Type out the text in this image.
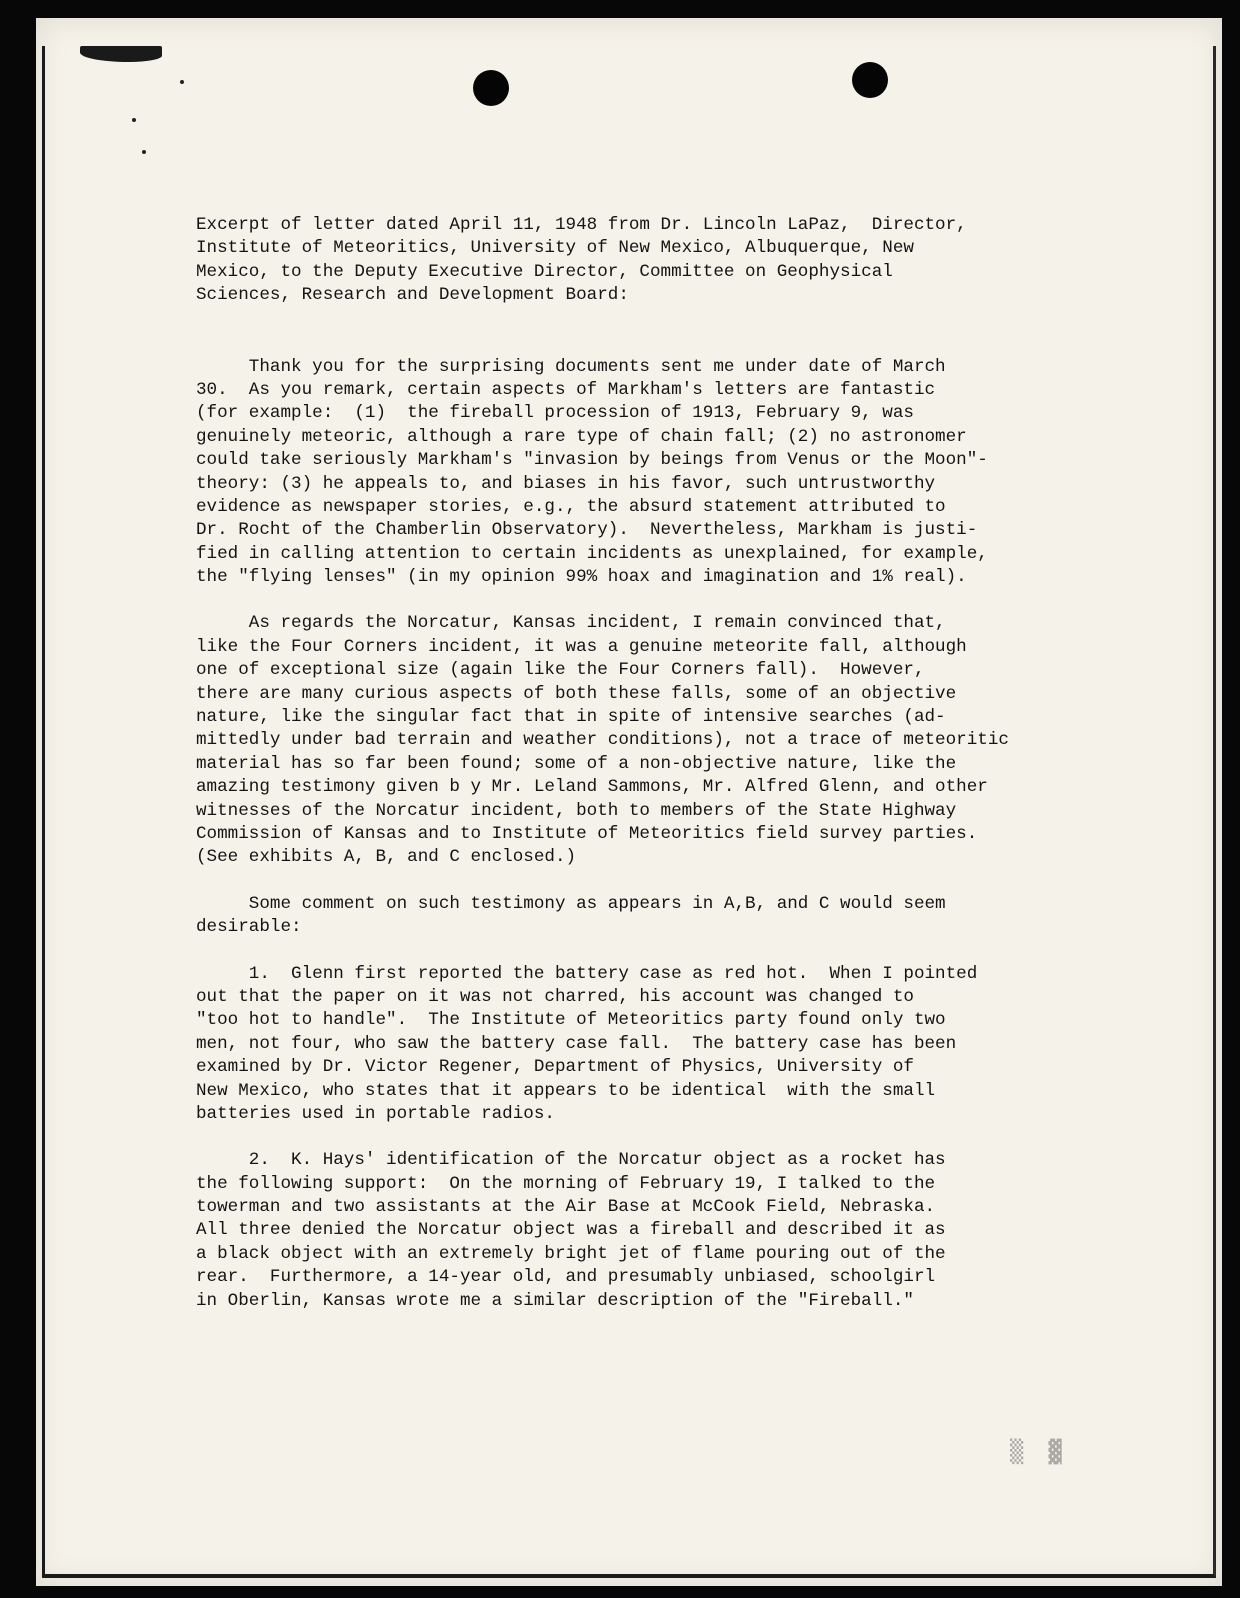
▒ ▓
Excerpt of letter dated April 11, 1948 from Dr. Lincoln LaPaz,  Director,
Institute of Meteoritics, University of New Mexico, Albuquerque, New
Mexico, to the Deputy Executive Director, Committee on Geophysical
Sciences, Research and Development Board:
Thank you for the surprising documents sent me under date of March
30.  As you remark, certain aspects of Markham's letters are fantastic
(for example:  (1)  the fireball procession of 1913, February 9, was
genuinely meteoric, although a rare type of chain fall; (2) no astronomer
could take seriously Markham's "invasion by beings from Venus or the Moon"-
theory: (3) he appeals to, and biases in his favor, such untrustworthy
evidence as newspaper stories, e.g., the absurd statement attributed to
Dr. Rocht of the Chamberlin Observatory).  Nevertheless, Markham is justi-
fied in calling attention to certain incidents as unexplained, for example,
the "flying lenses" (in my opinion 99% hoax and imagination and 1% real).
As regards the Norcatur, Kansas incident, I remain convinced that,
like the Four Corners incident, it was a genuine meteorite fall, although
one of exceptional size (again like the Four Corners fall).  However,
there are many curious aspects of both these falls, some of an objective
nature, like the singular fact that in spite of intensive searches (ad-
mittedly under bad terrain and weather conditions), not a trace of meteoritic
material has so far been found; some of a non-objective nature, like the
amazing testimony given b y Mr. Leland Sammons, Mr. Alfred Glenn, and other
witnesses of the Norcatur incident, both to members of the State Highway
Commission of Kansas and to Institute of Meteoritics field survey parties.
(See exhibits A, B, and C enclosed.)
Some comment on such testimony as appears in A,B, and C would seem
desirable:
1.  Glenn first reported the battery case as red hot.  When I pointed
out that the paper on it was not charred, his account was changed to
"too hot to handle".  The Institute of Meteoritics party found only two
men, not four, who saw the battery case fall.  The battery case has been
examined by Dr. Victor Regener, Department of Physics, University of
New Mexico, who states that it appears to be identical  with the small
batteries used in portable radios.
2.  K. Hays' identification of the Norcatur object as a rocket has
the following support:  On the morning of February 19, I talked to the
towerman and two assistants at the Air Base at McCook Field, Nebraska.
All three denied the Norcatur object was a fireball and described it as
a black object with an extremely bright jet of flame pouring out of the
rear.  Furthermore, a 14-year old, and presumably unbiased, schoolgirl
in Oberlin, Kansas wrote me a similar description of the "Fireball."
